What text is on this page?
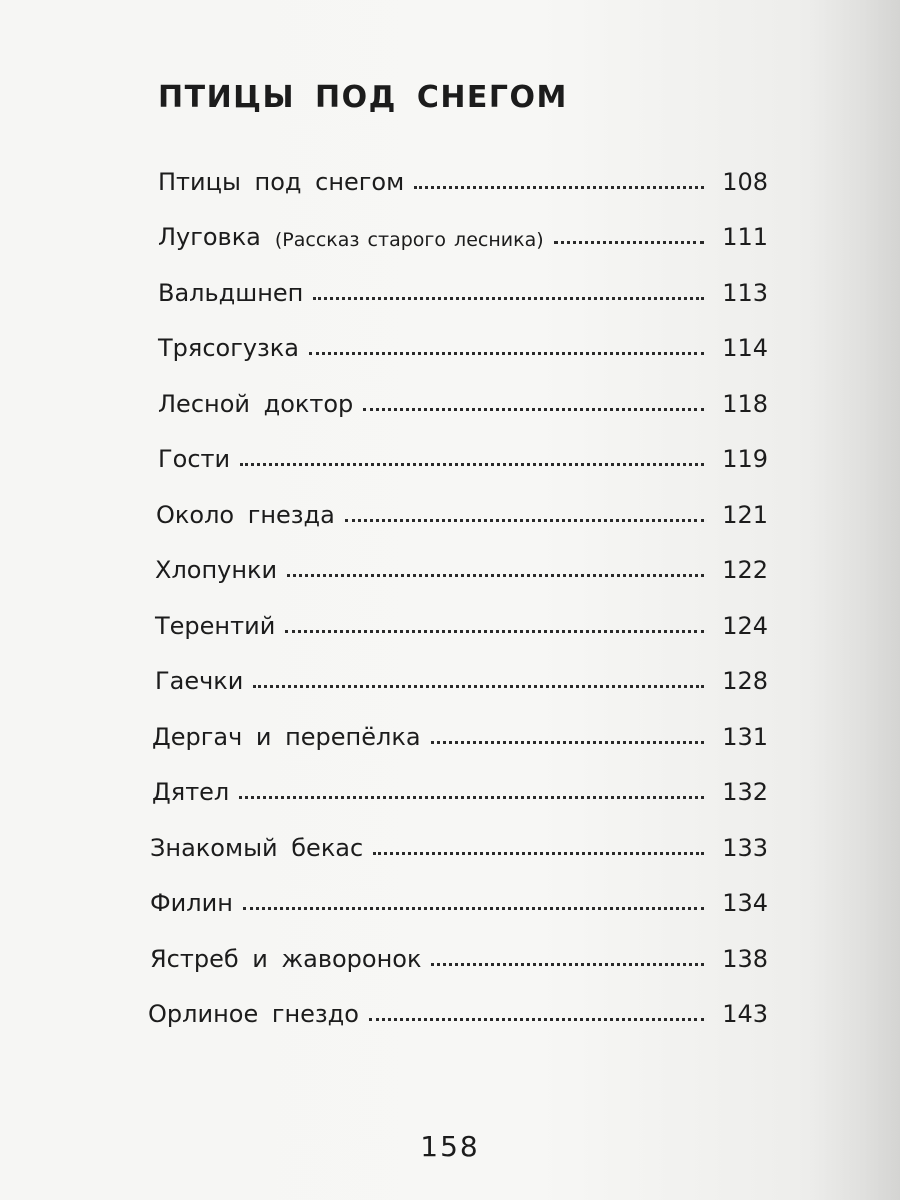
ПТИЦЫ ПОД СНЕГОМ
Птицы под снегом	108
Луговка (Рассказ старого лесника)	111
Вальдшнеп	113
Трясогузка	114
Лесной доктор	118
Гости	119
Около гнезда	121
Хлопунки	122
Терентий	124
Гаечки	128
Дергач и перепёлка	131
Дятел	132
Знакомый бекас	133
Филин	134
Ястреб и жаворонок	138
Орлиное гнездо	143
158
